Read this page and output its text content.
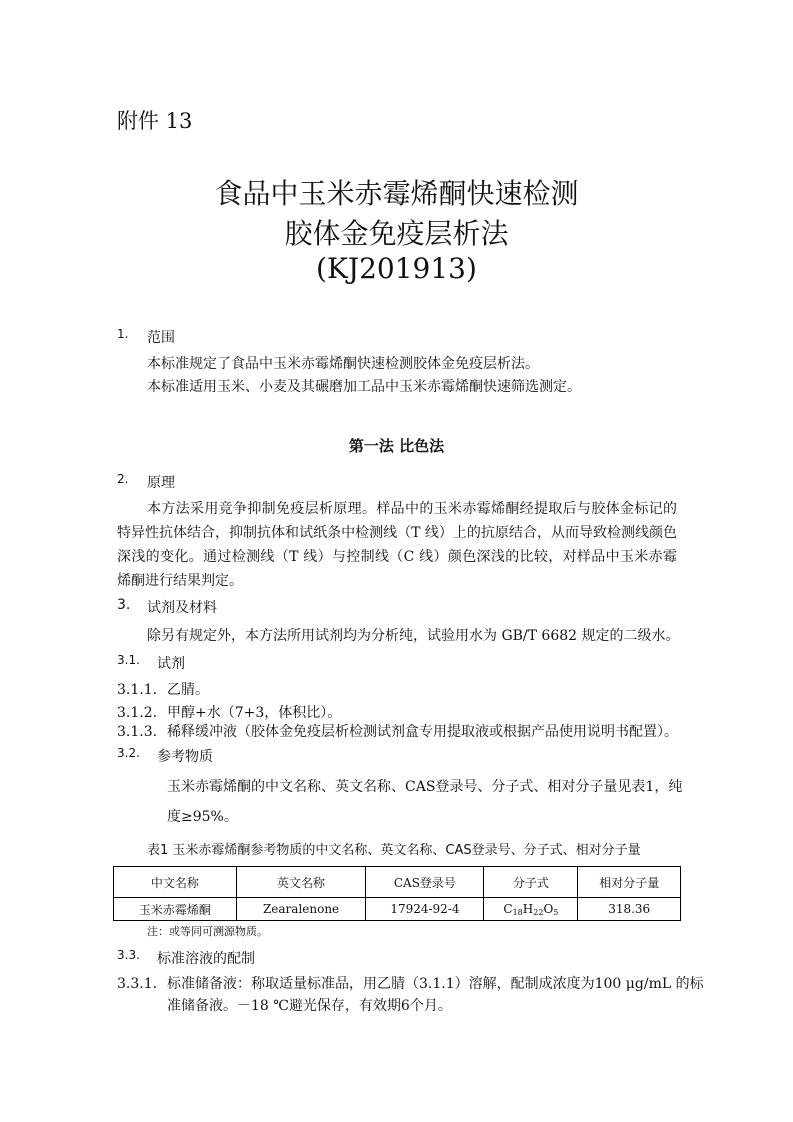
附件 13
食品中玉米赤霉烯酮快速检测
胶体金免疫层析法
(KJ201913)
1. 范围
本标准规定了食品中玉米赤霉烯酮快速检测胶体金免疫层析法。
本标准适用玉米、小麦及其碾磨加工品中玉米赤霉烯酮快速筛选测定。
第一法 比色法
2. 原理
本方法采用竞争抑制免疫层析原理。样品中的玉米赤霉烯酮经提取后与胶体金标记的特异性抗体结合，抑制抗体和试纸条中检测线（T 线）上的抗原结合，从而导致检测线颜色深浅的变化。通过检测线（T 线）与控制线（C 线）颜色深浅的比较，对样品中玉米赤霉烯酮进行结果判定。
3. 试剂及材料
除另有规定外，本方法所用试剂均为分析纯，试验用水为 GB/T 6682 规定的二级水。
3.1. 试剂
3.1.1. 乙腈。
3.1.2. 甲醇+水（7+3，体积比）。
3.1.3. 稀释缓冲液（胶体金免疫层析检测试剂盒专用提取液或根据产品使用说明书配置）。
3.2. 参考物质
玉米赤霉烯酮的中文名称、英文名称、CAS登录号、分子式、相对分子量见表1，纯
度≥95%。
表1 玉米赤霉烯酮参考物质的中文名称、英文名称、CAS登录号、分子式、相对分子量
中文名称	英文名称	CAS登录号	分子式	相对分子量
玉米赤霉烯酮	Zearalenone	17924-92-4	$C_{18}H_{22}O_5$	318.36
注：或等同可溯源物质。
3.3. 标准溶液的配制
3.3.1. 标准储备液：称取适量标准品，用乙腈（3.1.1）溶解，配制成浓度为100 μg/mL 的标
准储备液。－18 ℃避光保存，有效期6个月。
